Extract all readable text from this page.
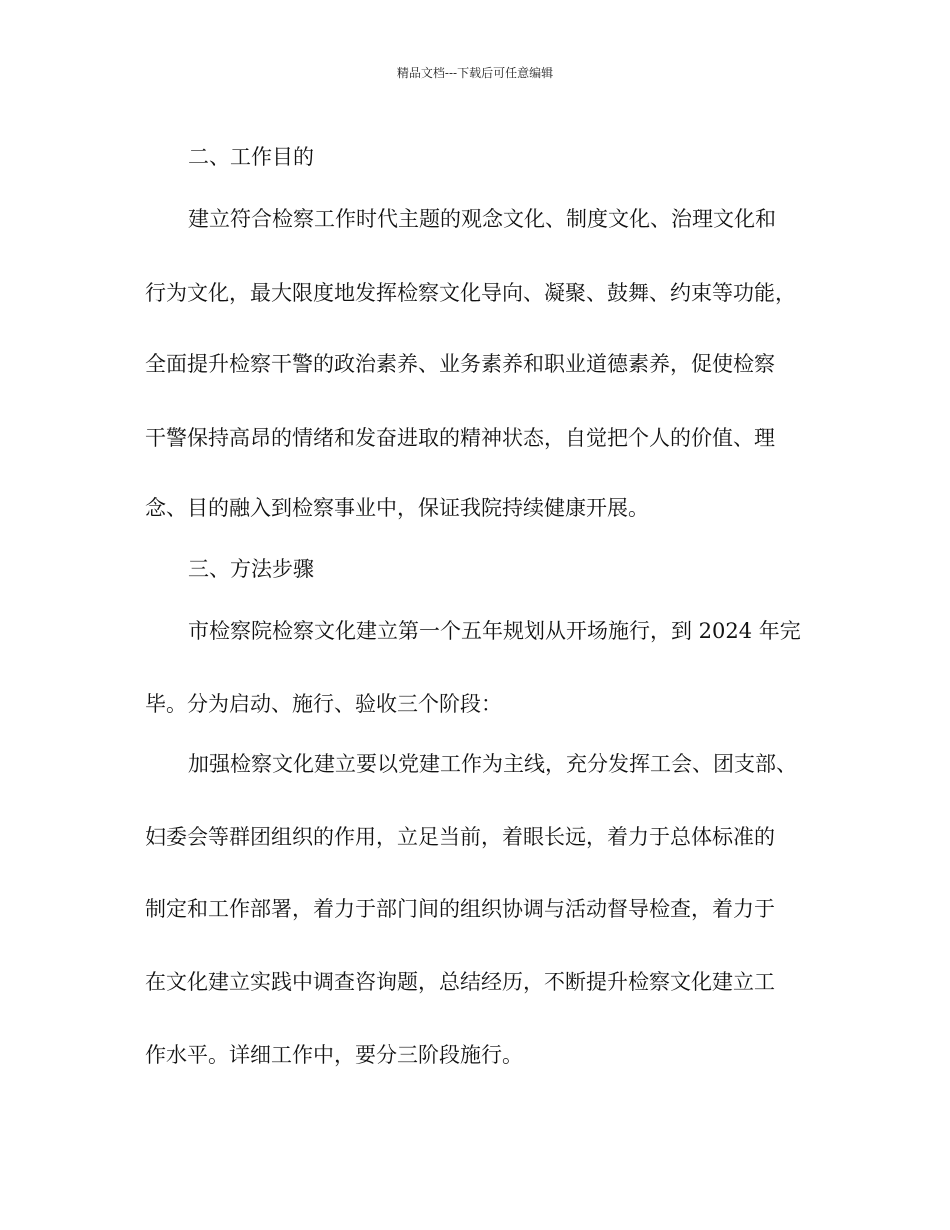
精品文档---下载后可任意编辑
二、工作目的
建立符合检察工作时代主题的观念文化、制度文化、治理文化和
行为文化，最大限度地发挥检察文化导向、凝聚、鼓舞、约束等功能，
全面提升检察干警的政治素养、业务素养和职业道德素养，促使检察
干警保持高昂的情绪和发奋进取的精神状态，自觉把个人的价值、理
念、目的融入到检察事业中，保证我院持续健康开展。
三、方法步骤
市检察院检察文化建立第一个五年规划从开场施行，到 2024 年完
毕。分为启动、施行、验收三个阶段：
加强检察文化建立要以党建工作为主线，充分发挥工会、团支部、
妇委会等群团组织的作用，立足当前，着眼长远，着力于总体标准的
制定和工作部署，着力于部门间的组织协调与活动督导检查，着力于
在文化建立实践中调查咨询题，总结经历，不断提升检察文化建立工
作水平。详细工作中，要分三阶段施行。
